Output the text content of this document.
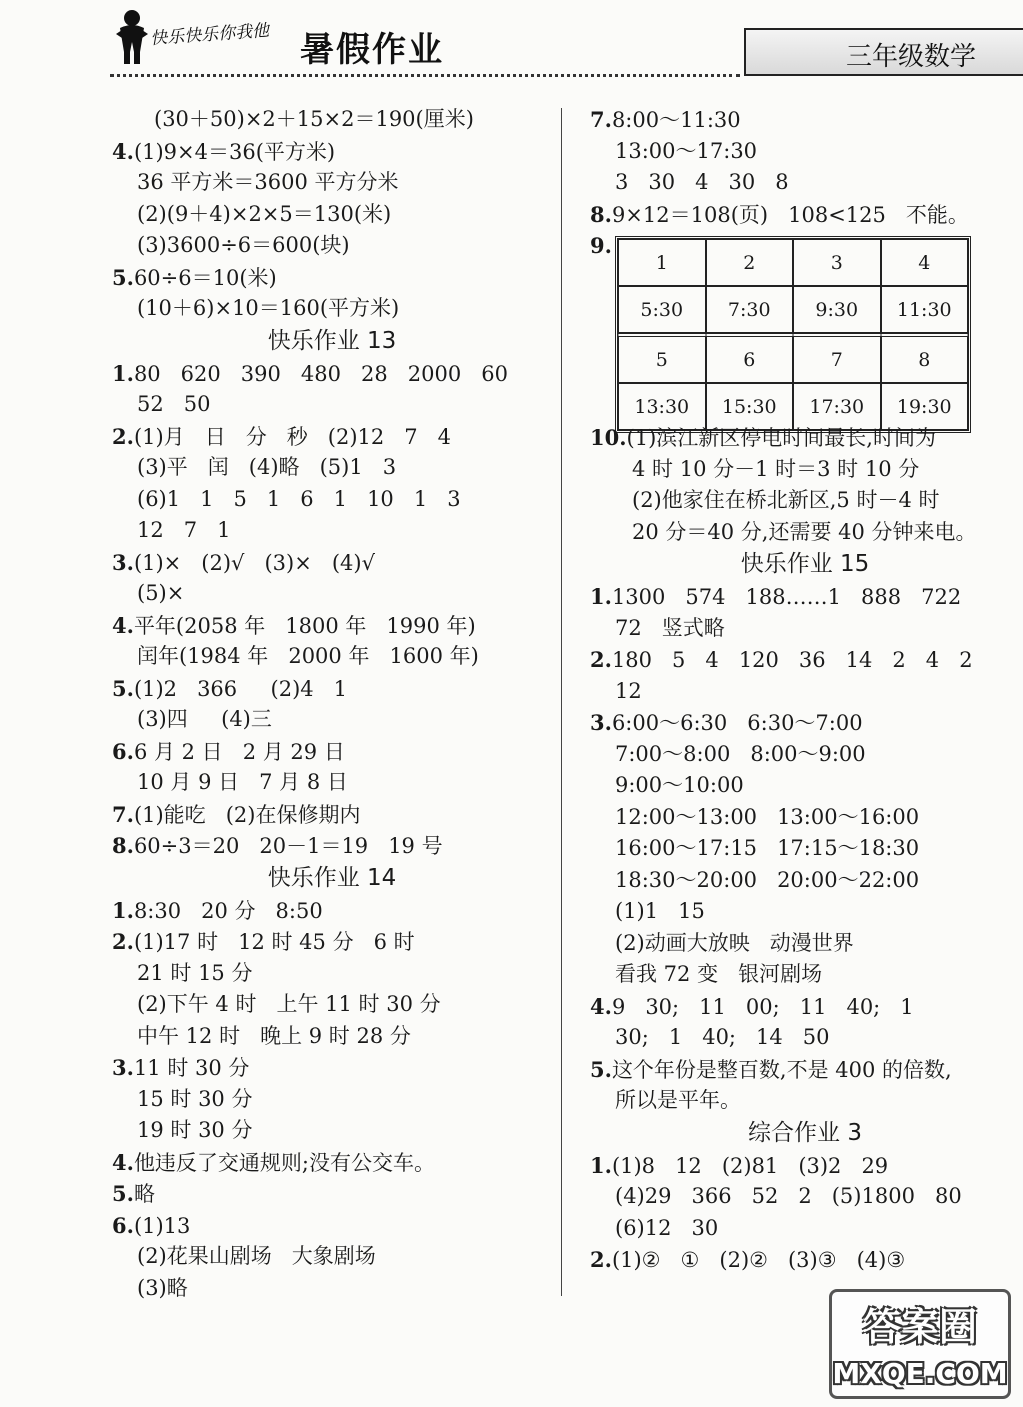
快乐快乐你我他 暑假作业	三年级数学
(30＋50)×2＋15×2＝190(厘米)
4.(1)9×4＝36(平方米)
36 平方米＝3600 平方分米
(2)(9＋4)×2×5＝130(米)
(3)3600÷6＝600(块)
5.60÷6＝10(米)
(10＋6)×10＝160(平方米)
快乐作业 13
1.80   620   390   480   28   2000   60
52   50
2.(1)月   日   分   秒   (2)12   7   4
(3)平   闰   (4)略   (5)1   3
(6)1   1   5   1   6   1   10   1   3
12   7   1
3.(1)×   (2)√   (3)×   (4)√
(5)×
4.平年(2058 年   1800 年   1990 年)
闰年(1984 年   2000 年   1600 年)
5.(1)2   366     (2)4   1
(3)四     (4)三
6.6 月 2 日   2 月 29 日
10 月 9 日   7 月 8 日
7.(1)能吃   (2)在保修期内
8.60÷3＝20   20－1＝19   19 号
快乐作业 14
1.8:30   20 分   8:50
2.(1)17 时   12 时 45 分   6 时
21 时 15 分
(2)下午 4 时   上午 11 时 30 分
中午 12 时   晚上 9 时 28 分
3.11 时 30 分
15 时 30 分
19 时 30 分
4.他违反了交通规则;没有公交车。
5.略
6.(1)13
(2)花果山剧场   大象剧场
(3)略
7.8:00～11:30
13:00～17:30
3   30   4   30   8
8.9×12＝108(页)   108<125   不能。
9.
1	2	3	4
5:30	7:30	9:30	11:30
5	6	7	8
13:30	15:30	17:30	19:30
10.(1)滨江新区停电时间最长,时间为
4 时 10 分－1 时＝3 时 10 分
(2)他家住在桥北新区,5 时－4 时
20 分＝40 分,还需要 40 分钟来电。
快乐作业 15
1.1300   574   188……1   888   722
72   竖式略
2.180   5   4   120   36   14   2   4   2
12
3.6:00～6:30   6:30～7:00
7:00～8:00   8:00～9:00
9:00～10:00
12:00～13:00   13:00～16:00
16:00～17:15   17:15～18:30
18:30～20:00   20:00～22:00
(1)1   15
(2)动画大放映   动漫世界
看我 72 变   银河剧场
4.9   30;   11   00;   11   40;   1
30;   1   40;   14   50
5.这个年份是整百数,不是 400 的倍数,
所以是平年。
综合作业 3
1.(1)8   12   (2)81   (3)2   29
(4)29   366   52   2   (5)1800   80
(6)12   30
2.(1)②   ①   (2)②   (3)③   (4)③
答案圈
MXQE.COM
